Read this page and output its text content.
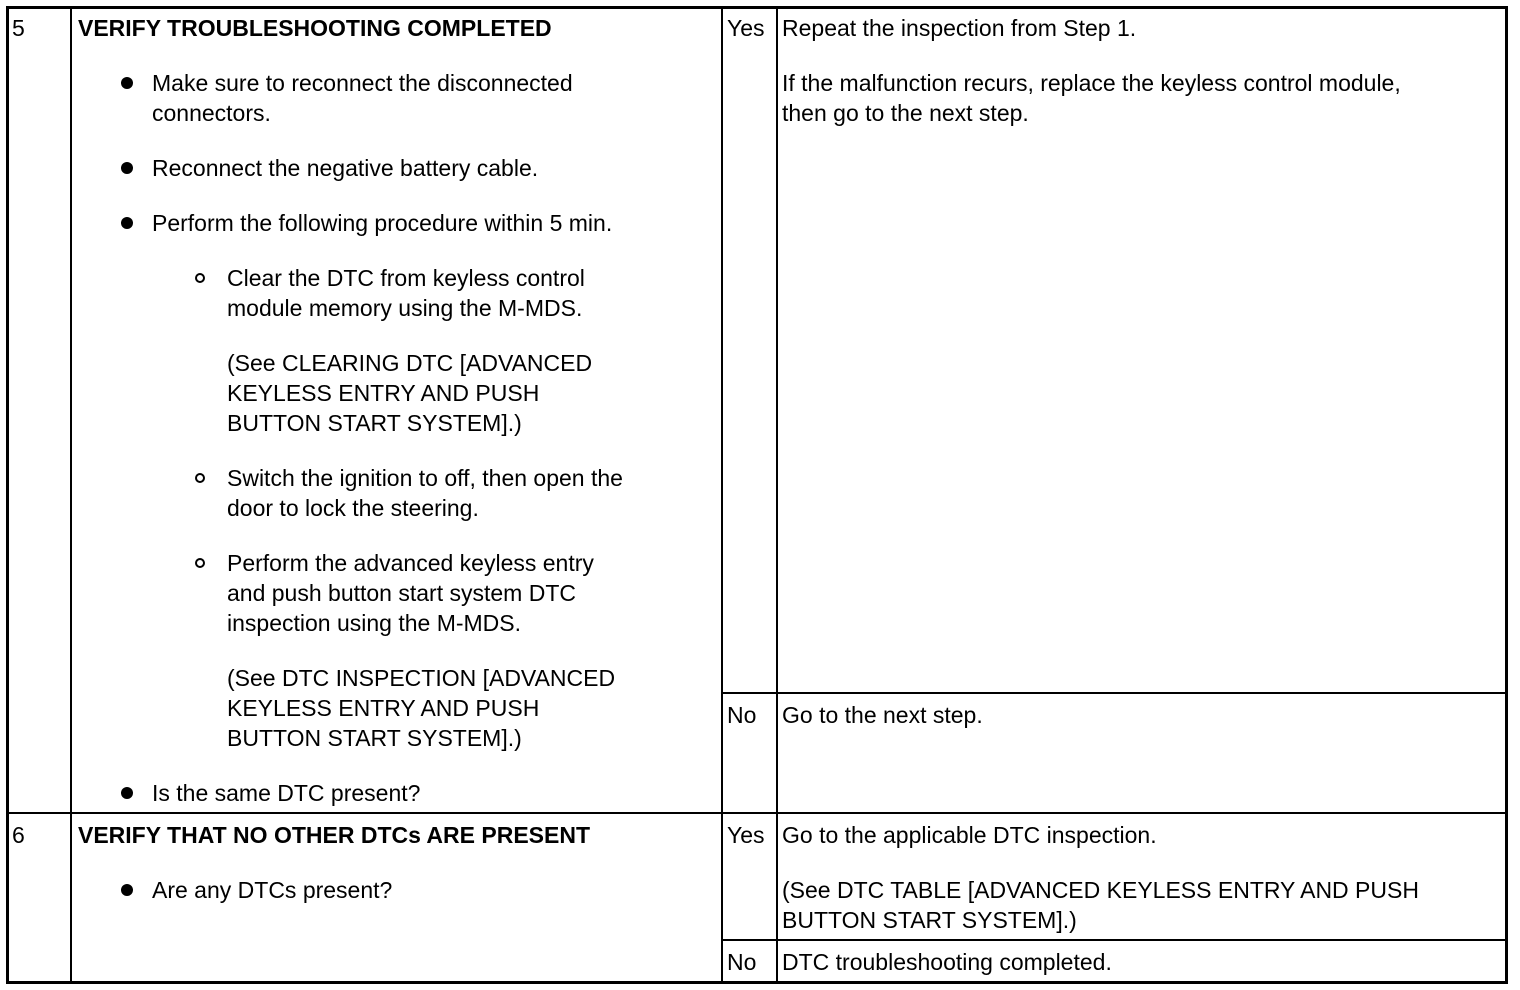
5 VERIFY TROUBLESHOOTING COMPLETED
Make sure to reconnect the disconnected
connectors.
Reconnect the negative battery cable.
Perform the following procedure within 5 min.
Clear the DTC from keyless control
module memory using the M-MDS.
(See CLEARING DTC [ADVANCED
KEYLESS ENTRY AND PUSH
BUTTON START SYSTEM].)
Switch the ignition to off, then open the
door to lock the steering.
Perform the advanced keyless entry
and push button start system DTC
inspection using the M-MDS.
(See DTC INSPECTION [ADVANCED
KEYLESS ENTRY AND PUSH
BUTTON START SYSTEM].)
Is the same DTC present?
Yes Repeat the inspection from Step 1.
If the malfunction recurs, replace the keyless control module,
then go to the next step.
No Go to the next step.
6 VERIFY THAT NO OTHER DTCs ARE PRESENT
Are any DTCs present?
Yes Go to the applicable DTC inspection.
(See DTC TABLE [ADVANCED KEYLESS ENTRY AND PUSH
BUTTON START SYSTEM].)
No DTC troubleshooting completed.
